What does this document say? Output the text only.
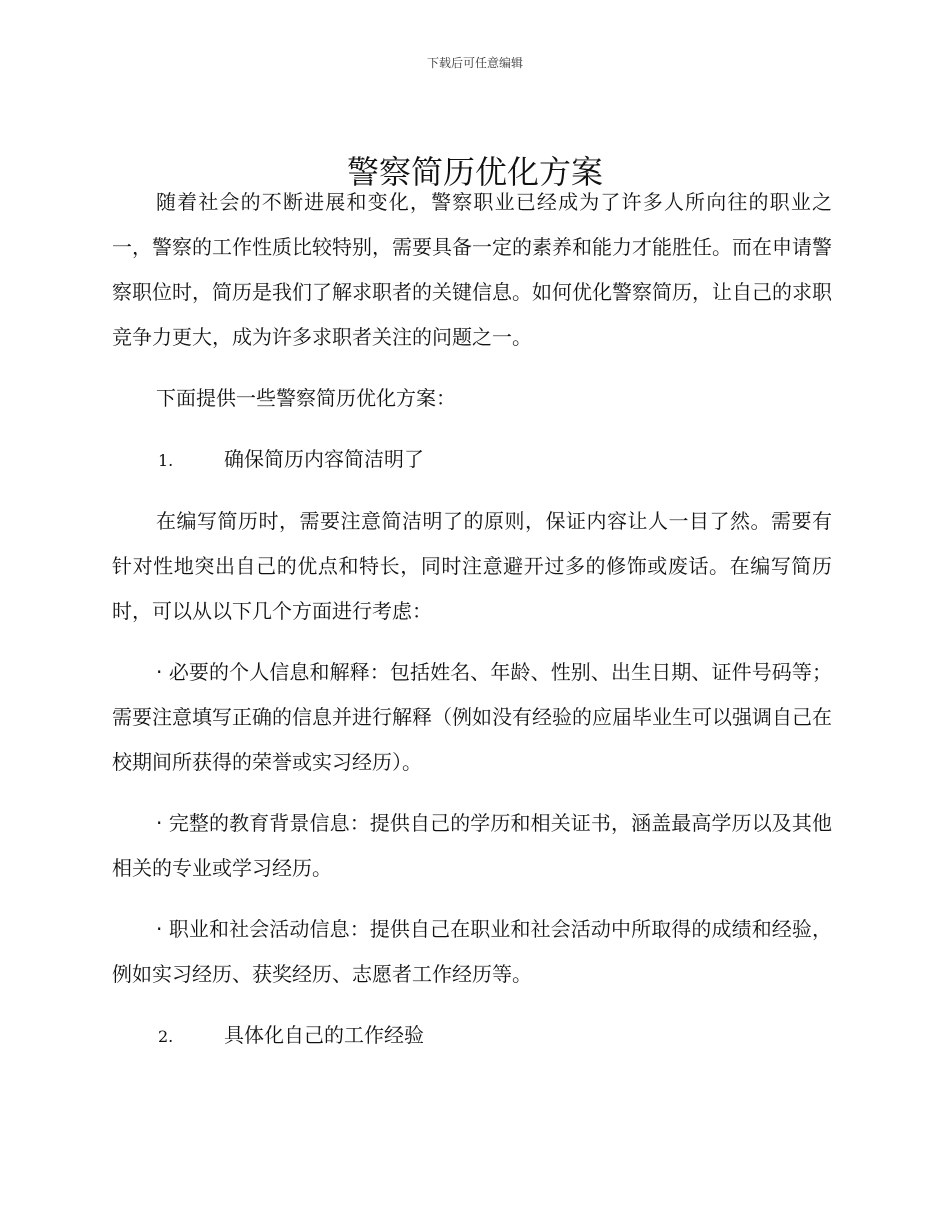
下载后可任意编辑
警察简历优化方案

随着社会的不断进展和变化，警察职业已经成为了许多人所向往的职业之一，警察的工作性质比较特别，需要具备一定的素养和能力才能胜任。而在申请警察职位时，简历是我们了解求职者的关键信息。如何优化警察简历，让自己的求职竞争力更大，成为许多求职者关注的问题之一。

下面提供一些警察简历优化方案：

1.	确保简历内容简洁明了

在编写简历时，需要注意简洁明了的原则，保证内容让人一目了然。需要有针对性地突出自己的优点和特长，同时注意避开过多的修饰或废话。在编写简历时，可以从以下几个方面进行考虑：

· 必要的个人信息和解释：包括姓名、年龄、性别、出生日期、证件号码等；需要注意填写正确的信息并进行解释（例如没有经验的应届毕业生可以强调自己在校期间所获得的荣誉或实习经历）。

· 完整的教育背景信息：提供自己的学历和相关证书，涵盖最高学历以及其他相关的专业或学习经历。

· 职业和社会活动信息：提供自己在职业和社会活动中所取得的成绩和经验，例如实习经历、获奖经历、志愿者工作经历等。

2.	具体化自己的工作经验
